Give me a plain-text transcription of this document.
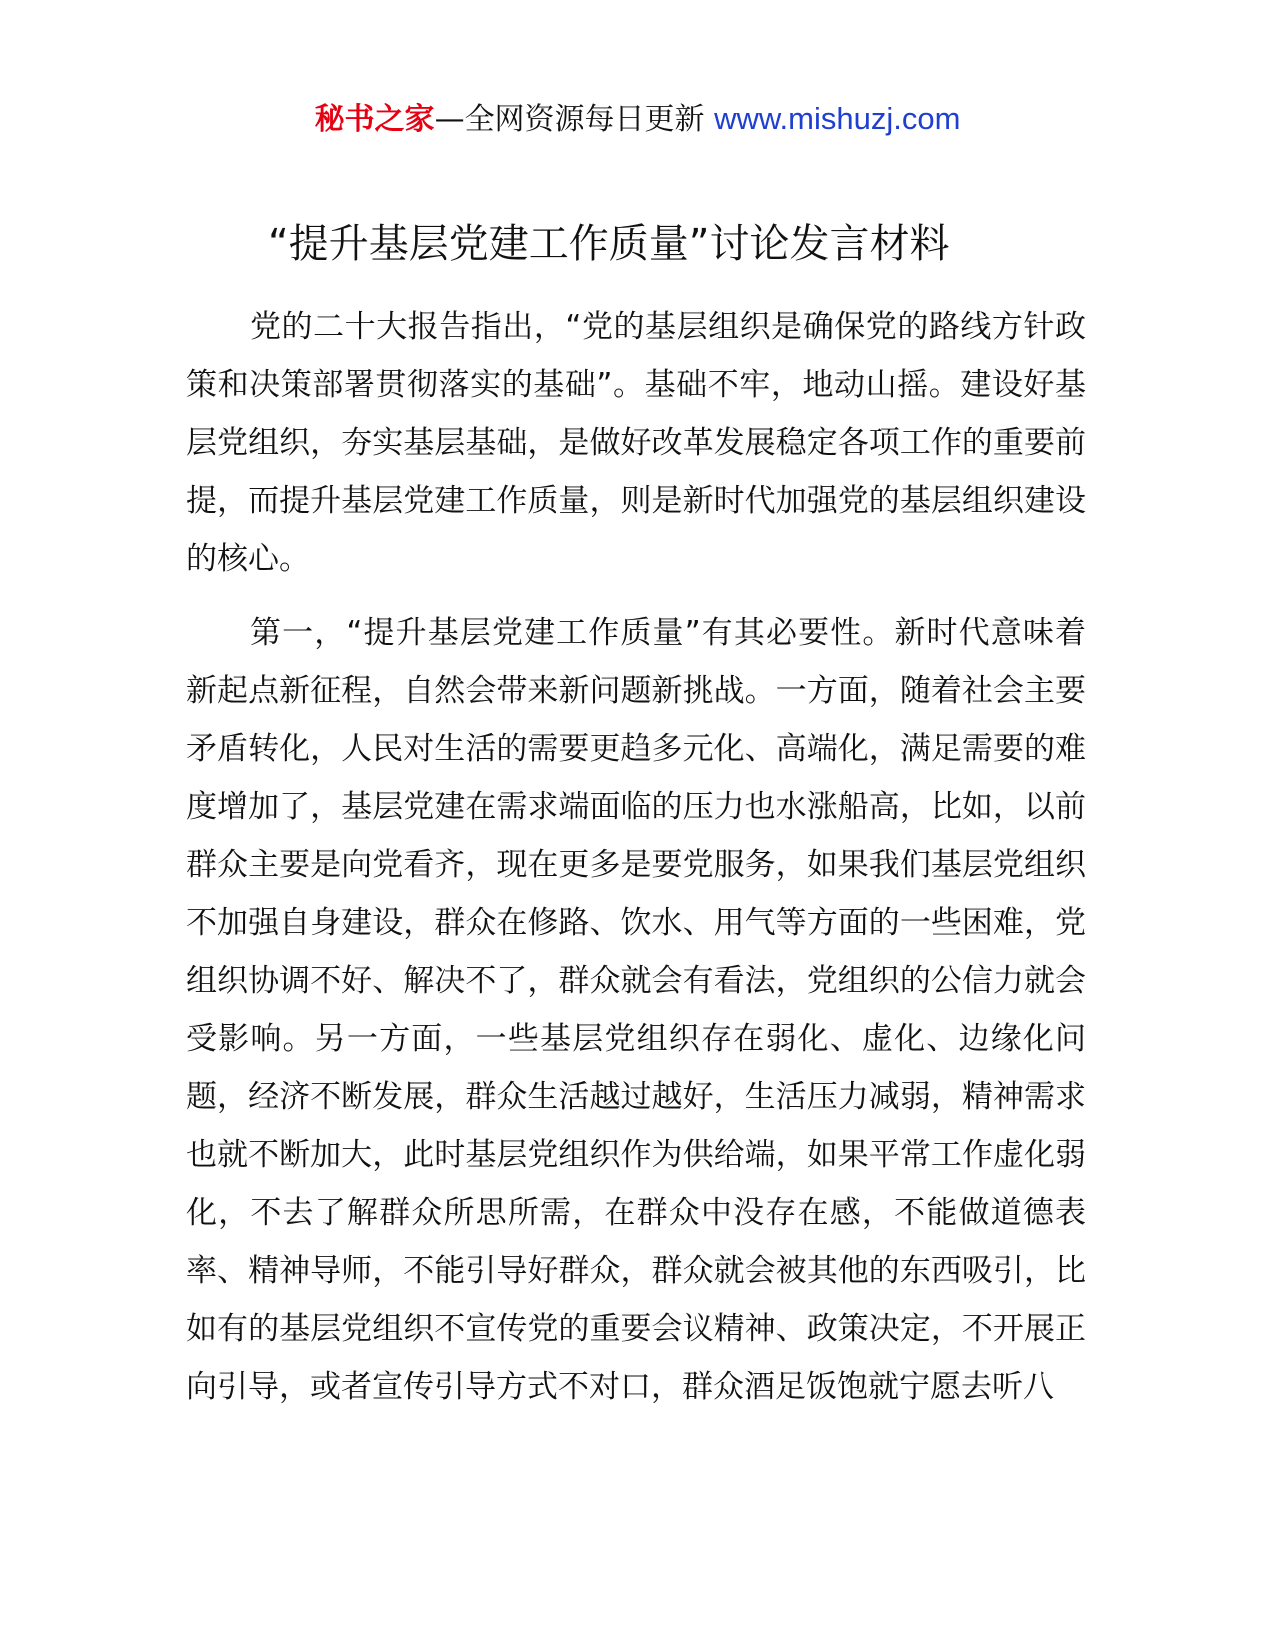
秘书之家—全网资源每日更新 www.mishuzj.com
“提升基层党建工作质量”讨论发言材料

党的二十大报告指出，“党的基层组织是确保党的路线方针政策和决策部署贯彻落实的基础”。基础不牢，地动山摇。建设好基层党组织，夯实基层基础，是做好改革发展稳定各项工作的重要前提，而提升基层党建工作质量，则是新时代加强党的基层组织建设的核心。

第一，“提升基层党建工作质量”有其必要性。新时代意味着新起点新征程，自然会带来新问题新挑战。一方面，随着社会主要矛盾转化，人民对生活的需要更趋多元化、高端化，满足需要的难度增加了，基层党建在需求端面临的压力也水涨船高，比如，以前群众主要是向党看齐，现在更多是要党服务，如果我们基层党组织不加强自身建设，群众在修路、饮水、用气等方面的一些困难，党组织协调不好、解决不了，群众就会有看法，党组织的公信力就会受影响。另一方面，一些基层党组织存在弱化、虚化、边缘化问题，经济不断发展，群众生活越过越好，生活压力减弱，精神需求也就不断加大，此时基层党组织作为供给端，如果平常工作虚化弱化，不去了解群众所思所需，在群众中没存在感，不能做道德表率、精神导师，不能引导好群众，群众就会被其他的东西吸引，比如有的基层党组织不宣传党的重要会议精神、政策决定，不开展正向引导，或者宣传引导方式不对口，群众酒足饭饱就宁愿去听八
